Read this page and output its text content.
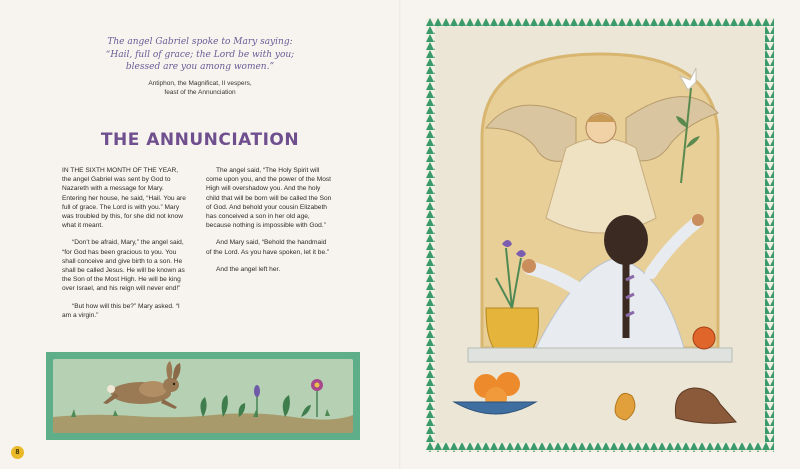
The angel Gabriel spoke to Mary saying:
“Hail, full of grace; the Lord be with you;
blessed are you among women.”
Antiphon, the Magnificat, II vespers,
feast of the Annunciation
THE ANNUNCIATION

IN THE SIXTH MONTH OF THE YEAR, the angel Gabriel was sent by God to Nazareth with a message for Mary. Entering her house, he said, “Hail. You are full of grace. The Lord is with you.” Mary was troubled by this, for she did not know what it meant.

“Don’t be afraid, Mary,” the angel said, “for God has been gracious to you. You shall conceive and give birth to a son. He shall be called Jesus. He will be known as the Son of the Most High. He will be king over Israel, and his reign will never end!”

“But how will this be?” Mary asked. “I am a virgin.”

The angel said, “The Holy Spirit will come upon you, and the power of the Most High will overshadow you. And the holy child that will be born will be called the Son of God. And behold your cousin Elizabeth has conceived a son in her old age, because nothing is impossible with God.”

And Mary said, “Behold the handmaid of the Lord. As you have spoken, let it be.”

And the angel left her.

8
